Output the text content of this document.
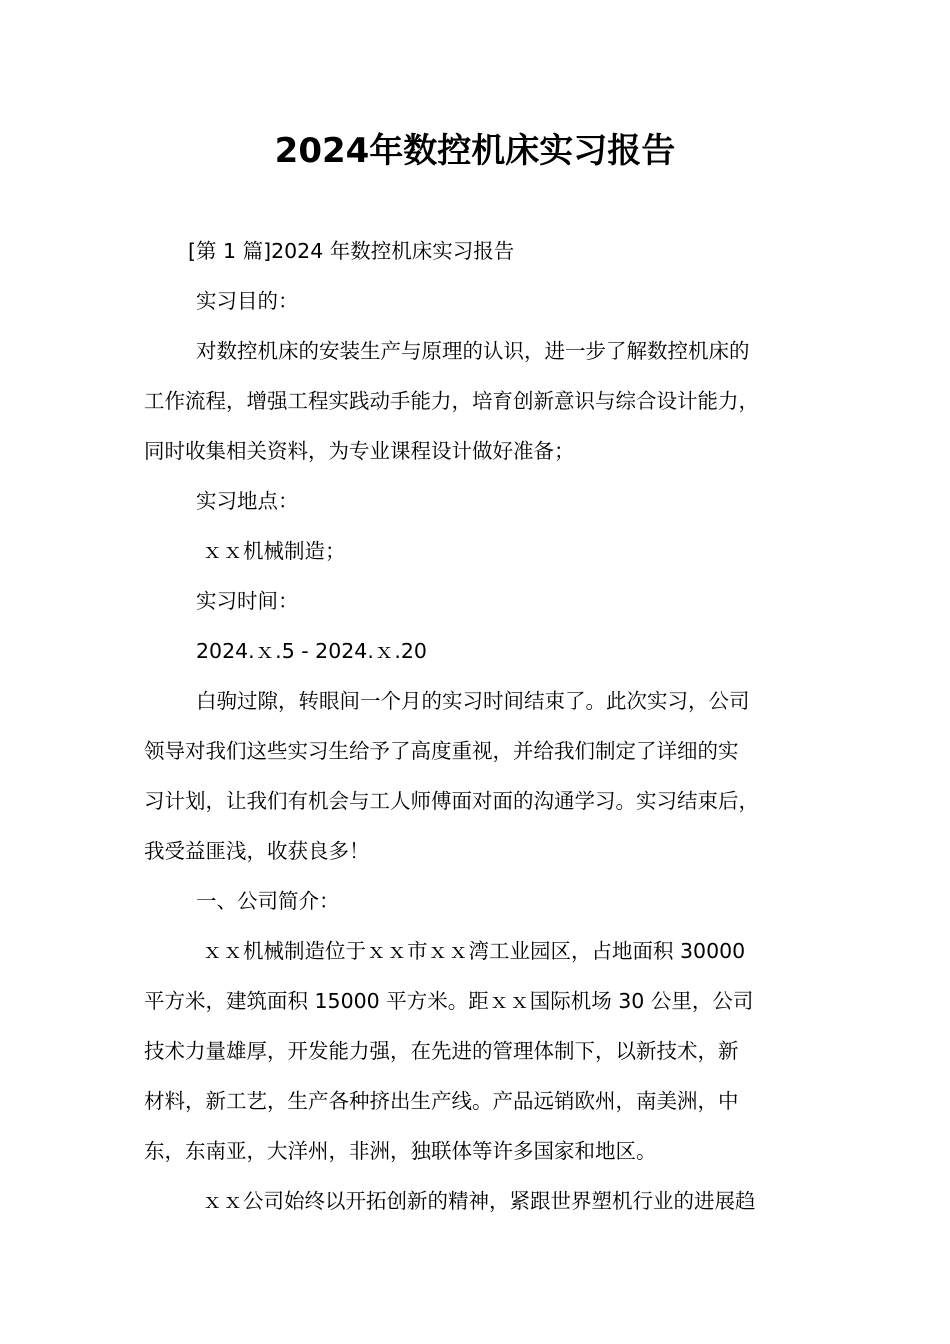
2024年数控机床实习报告
[第 1 篇]2024 年数控机床实习报告
实习目的：
对数控机床的安装生产与原理的认识，进一步了解数控机床的
工作流程，增强工程实践动手能力，培育创新意识与综合设计能力，
同时收集相关资料，为专业课程设计做好准备；
实习地点：
ｘｘ机械制造；
实习时间：
2024.ｘ.5 - 2024.ｘ.20
白驹过隙，转眼间一个月的实习时间结束了。此次实习，公司
领导对我们这些实习生给予了高度重视，并给我们制定了详细的实
习计划，让我们有机会与工人师傅面对面的沟通学习。实习结束后，
我受益匪浅，收获良多！
一、公司简介：
ｘｘ机械制造位于ｘｘ市ｘｘ湾工业园区，占地面积 30000
平方米，建筑面积 15000 平方米。距ｘｘ国际机场 30 公里，公司
技术力量雄厚，开发能力强，在先进的管理体制下，以新技术，新
材料，新工艺，生产各种挤出生产线。产品远销欧州，南美洲，中
东，东南亚，大洋州，非洲，独联体等许多国家和地区。
ｘｘ公司始终以开拓创新的精神，紧跟世界塑机行业的进展趋
